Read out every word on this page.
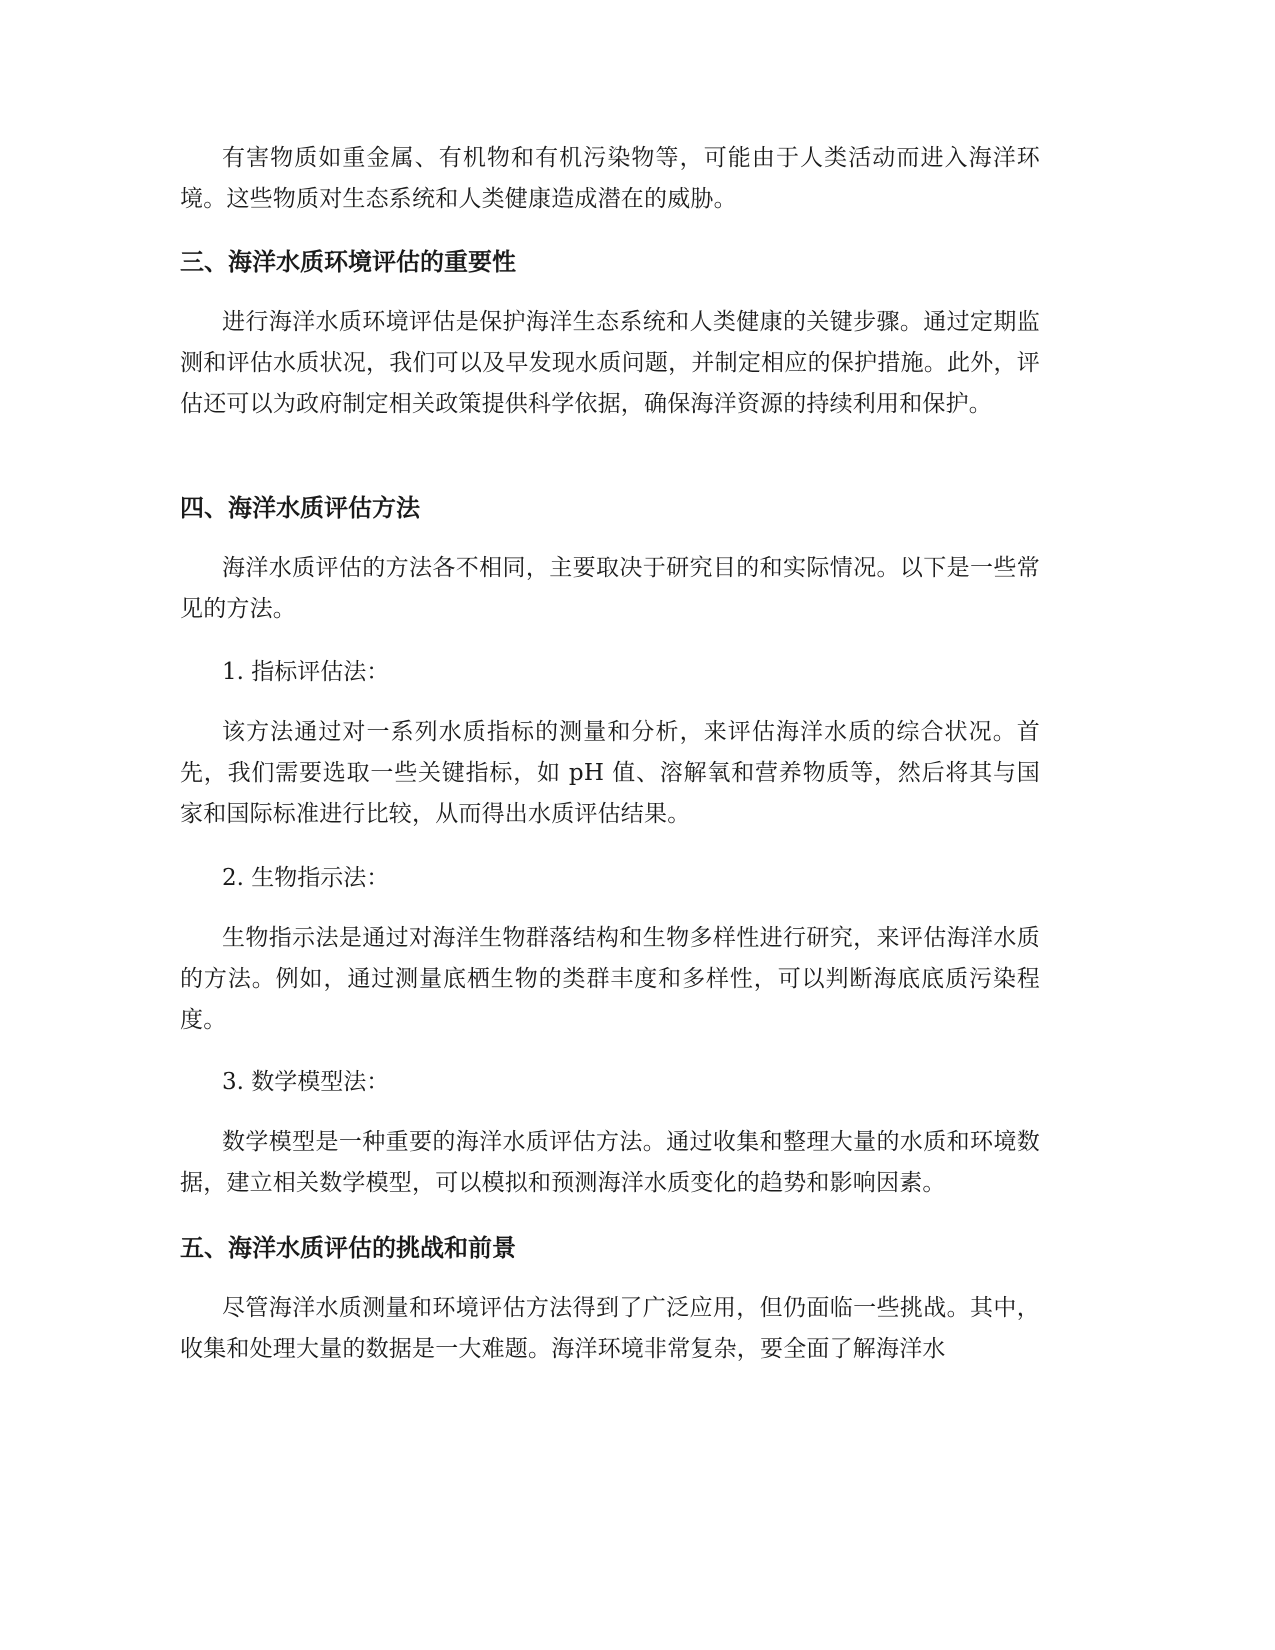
有害物质如重金属、有机物和有机污染物等，可能由于人类活动而进入海洋环境。这些物质对生态系统和人类健康造成潜在的威胁。

三、海洋水质环境评估的重要性

进行海洋水质环境评估是保护海洋生态系统和人类健康的关键步骤。通过定期监测和评估水质状况，我们可以及早发现水质问题，并制定相应的保护措施。此外，评估还可以为政府制定相关政策提供科学依据，确保海洋资源的持续利用和保护。

四、海洋水质评估方法

海洋水质评估的方法各不相同，主要取决于研究目的和实际情况。以下是一些常见的方法。

1. 指标评估法：

该方法通过对一系列水质指标的测量和分析，来评估海洋水质的综合状况。首先，我们需要选取一些关键指标，如 pH 值、溶解氧和营养物质等，然后将其与国家和国际标准进行比较，从而得出水质评估结果。

2. 生物指示法：

生物指示法是通过对海洋生物群落结构和生物多样性进行研究，来评估海洋水质的方法。例如，通过测量底栖生物的类群丰度和多样性，可以判断海底底质污染程度。

3. 数学模型法：

数学模型是一种重要的海洋水质评估方法。通过收集和整理大量的水质和环境数据，建立相关数学模型，可以模拟和预测海洋水质变化的趋势和影响因素。

五、海洋水质评估的挑战和前景

尽管海洋水质测量和环境评估方法得到了广泛应用，但仍面临一些挑战。其中，收集和处理大量的数据是一大难题。海洋环境非常复杂，要全面了解海洋水
